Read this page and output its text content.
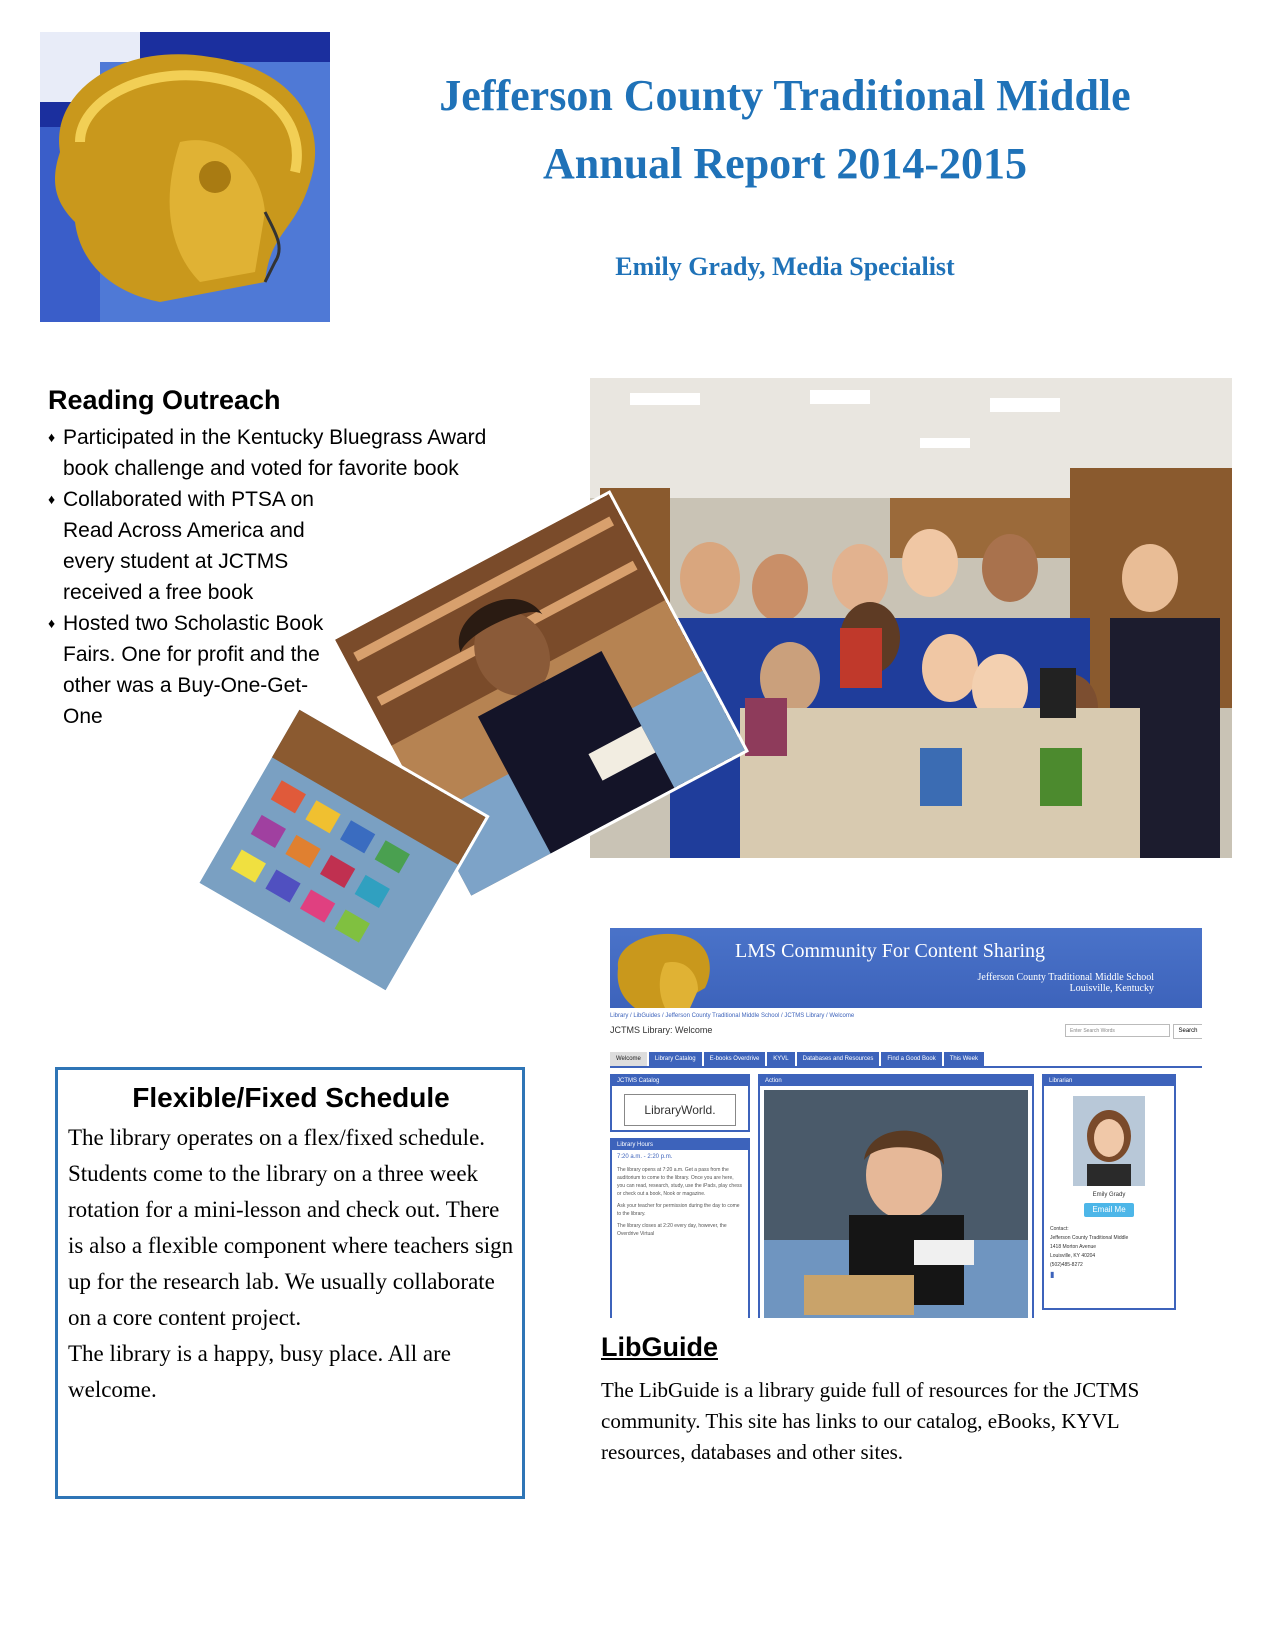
Jefferson County Traditional Middle
Annual Report 2014-2015
Emily Grady, Media Specialist
Reading Outreach
♦ Participated in the Kentucky Bluegrass Award book challenge and voted for favorite book
♦ Collaborated with PTSA on Read Across America and every student at JCTMS received a free book
♦ Hosted two Scholastic Book Fairs. One for profit and the other was a Buy-One-Get-One
Flexible/Fixed Schedule

The library operates on a flex/fixed schedule. Students come to the library on a three week rotation for a mini-lesson and check out. There is also a flexible component where teachers sign up for the research lab. We usually collaborate on a core content project.

The library is a happy, busy place. All are welcome.

LMS Community For Content Sharing
Jefferson County Traditional Middle School
Louisville, Kentucky
Library / LibGuides / Jefferson County Traditional Middle School / JCTMS Library / Welcome
JCTMS Library: Welcome	Enter Search Words	Search
Welcome	Library Catalog	E-books Overdrive	KYVL	Databases and Resources	Find a Good Book	This Week
JCTMS Catalog
LibraryWorld.
Library Hours
7:20 a.m. - 2:20 p.m.
The library opens at 7:20 a.m. Get a pass from the auditorium to come to the library. Once you are here, you can read, research, study, use the iPads, play chess or check out a book, Nook or magazine.
Ask your teacher for permission during the day to come to the library.
The library closes at 2:20 every day, however, the Overdrive Virtual
Action	Librarian
Emily Grady
Email Me
Contact:
Jefferson County Traditional Middle
1418 Morton Avenue
Louisville, KY 40204
(502)485-8272
▮
LibGuide
The LibGuide is a library guide full of resources for the JCTMS community. This site has links to our catalog, eBooks, KYVL resources, databases and other sites.
